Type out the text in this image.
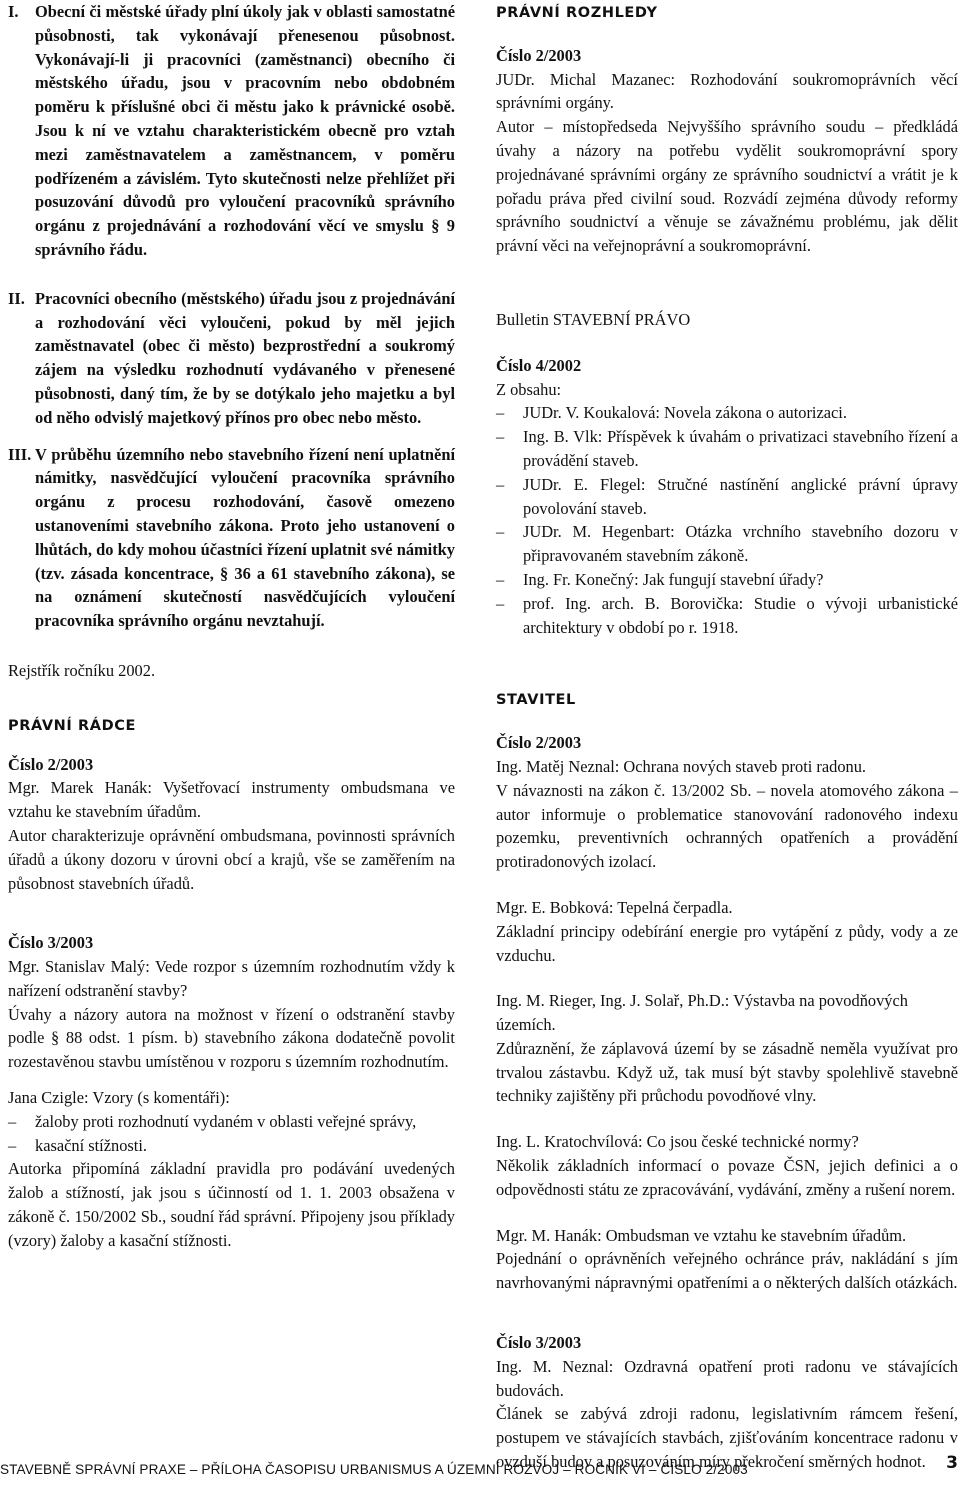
I. Obecní či městské úřady plní úkoly jak v oblasti samostatné působnosti, tak vykonávají přenesenou působnost. Vykonávají-li ji pracovníci (zaměstnanci) obecního či městského úřadu, jsou v pracovním nebo obdobném poměru k příslušné obci či městu jako k právnické osobě. Jsou k ní ve vztahu charakteristickém obecně pro vztah mezi zaměstnavatelem a zaměstnancem, v poměru podřízeném a závislém. Tyto skutečnosti nelze přehlížet při posuzování důvodů pro vyloučení pracovníků správního orgánu z projednávání a rozhodování věcí ve smyslu § 9 správního řádu.

II. Pracovníci obecního (městského) úřadu jsou z projednávání a rozhodování věci vyloučeni, pokud by měl jejich zaměstnavatel (obec či město) bezprostřední a soukromý zájem na výsledku rozhodnutí vydávaného v přenesené působnosti, daný tím, že by se dotýkalo jeho majetku a byl od něho odvislý majetkový přínos pro obec nebo město.

III. V průběhu územního nebo stavebního řízení není uplatnění námitky, nasvědčující vyloučení pracovníka správního orgánu z procesu rozhodování, časově omezeno ustanoveními stavebního zákona. Proto jeho ustanovení o lhůtách, do kdy mohou účastníci řízení uplatnit své námitky (tzv. zásada koncentrace, § 36 a 61 stavebního zákona), se na oznámení skutečností nasvědčujících vyloučení pracovníka správního orgánu nevztahují.

Rejstřík ročníku 2002.

PRÁVNÍ RÁDCE

Číslo 2/2003

Mgr. Marek Hanák: Vyšetřovací instrumenty ombudsmana ve vztahu ke stavebním úřadům.

Autor charakterizuje oprávnění ombudsmana, povinnosti správních úřadů a úkony dozoru v úrovni obcí a krajů, vše se zaměřením na působnost stavebních úřadů.

Číslo 3/2003

Mgr. Stanislav Malý: Vede rozpor s územním rozhodnutím vždy k nařízení odstranění stavby?

Úvahy a názory autora na možnost v řízení o odstranění stavby podle § 88 odst. 1 písm. b) stavebního zákona dodatečně povolit rozestavěnou stavbu umístěnou v rozporu s územním rozhodnutím.

Jana Czigle: Vzory (s komentáři):

– žaloby proti rozhodnutí vydaném v oblasti veřejné správy,
– kasační stížnosti.

Autorka připomíná základní pravidla pro podávání uvedených žalob a stížností, jak jsou s účinností od 1. 1. 2003 obsažena v zákoně č. 150/2002 Sb., soudní řád správní. Připojeny jsou příklady (vzory) žaloby a kasační stížnosti.

PRÁVNÍ ROZHLEDY

Číslo 2/2003

JUDr. Michal Mazanec: Rozhodování soukromoprávních věcí správními orgány.

Autor – místopředseda Nejvyššího správního soudu – předkládá úvahy a názory na potřebu vydělit soukromoprávní spory projednávané správními orgány ze správního soudnictví a vrátit je k pořadu práva před civilní soud. Rozvádí zejména důvody reformy správního soudnictví a věnuje se závažnému problému, jak dělit právní věci na veřejnoprávní a soukromoprávní.

Bulletin STAVEBNÍ PRÁVO

Číslo 4/2002

Z obsahu:

– JUDr. V. Koukalová: Novela zákona o autorizaci.
– Ing. B. Vlk: Příspěvek k úvahám o privatizaci stavebního řízení a provádění staveb.
– JUDr. E. Flegel: Stručné nastínění anglické právní úpravy povolování staveb.
– JUDr. M. Hegenbart: Otázka vrchního stavebního dozoru v připravovaném stavebním zákoně.
– Ing. Fr. Konečný: Jak fungují stavební úřady?
– prof. Ing. arch. B. Borovička: Studie o vývoji urbanistické architektury v období po r. 1918.
STAVITEL

Číslo 2/2003

Ing. Matěj Neznal: Ochrana nových staveb proti radonu.

V návaznosti na zákon č. 13/2002 Sb. – novela atomového zákona – autor informuje o problematice stanovování radonového indexu pozemku, preventivních ochranných opatřeních a provádění protiradonových izolací.

Mgr. E. Bobková: Tepelná čerpadla.

Základní principy odebírání energie pro vytápění z půdy, vody a ze vzduchu.

Ing. M. Rieger, Ing. J. Solař, Ph.D.: Výstavba na povodňových územích.

Zdůraznění, že záplavová území by se zásadně neměla využívat pro trvalou zástavbu. Když už, tak musí být stavby spolehlivě stavebně techniky zajištěny při průchodu povodňové vlny.

Ing. L. Kratochvílová: Co jsou české technické normy?

Několik základních informací o povaze ČSN, jejich definici a o odpovědnosti státu ze zpracovávání, vydávání, změny a rušení norem.

Mgr. M. Hanák: Ombudsman ve vztahu ke stavebním úřadům.

Pojednání o oprávněních veřejného ochránce práv, nakládání s jím navrhovanými nápravnými opatřeními a o některých dalších otázkách.

Číslo 3/2003

Ing. M. Neznal: Ozdravná opatření proti radonu ve stávajících budovách.

Článek se zabývá zdroji radonu, legislativním rámcem řešení, postupem ve stávajících stavbách, zjišťováním koncentrace radonu v ovzduší budov a posuzováním míry překročení směrných hodnot.

STAVEBNĚ SPRÁVNÍ PRAXE – PŘÍLOHA ČASOPISU URBANISMUS A ÚZEMNÍ ROZVOJ – ROČNÍK VI – ČÍSLO 2/2003	3
